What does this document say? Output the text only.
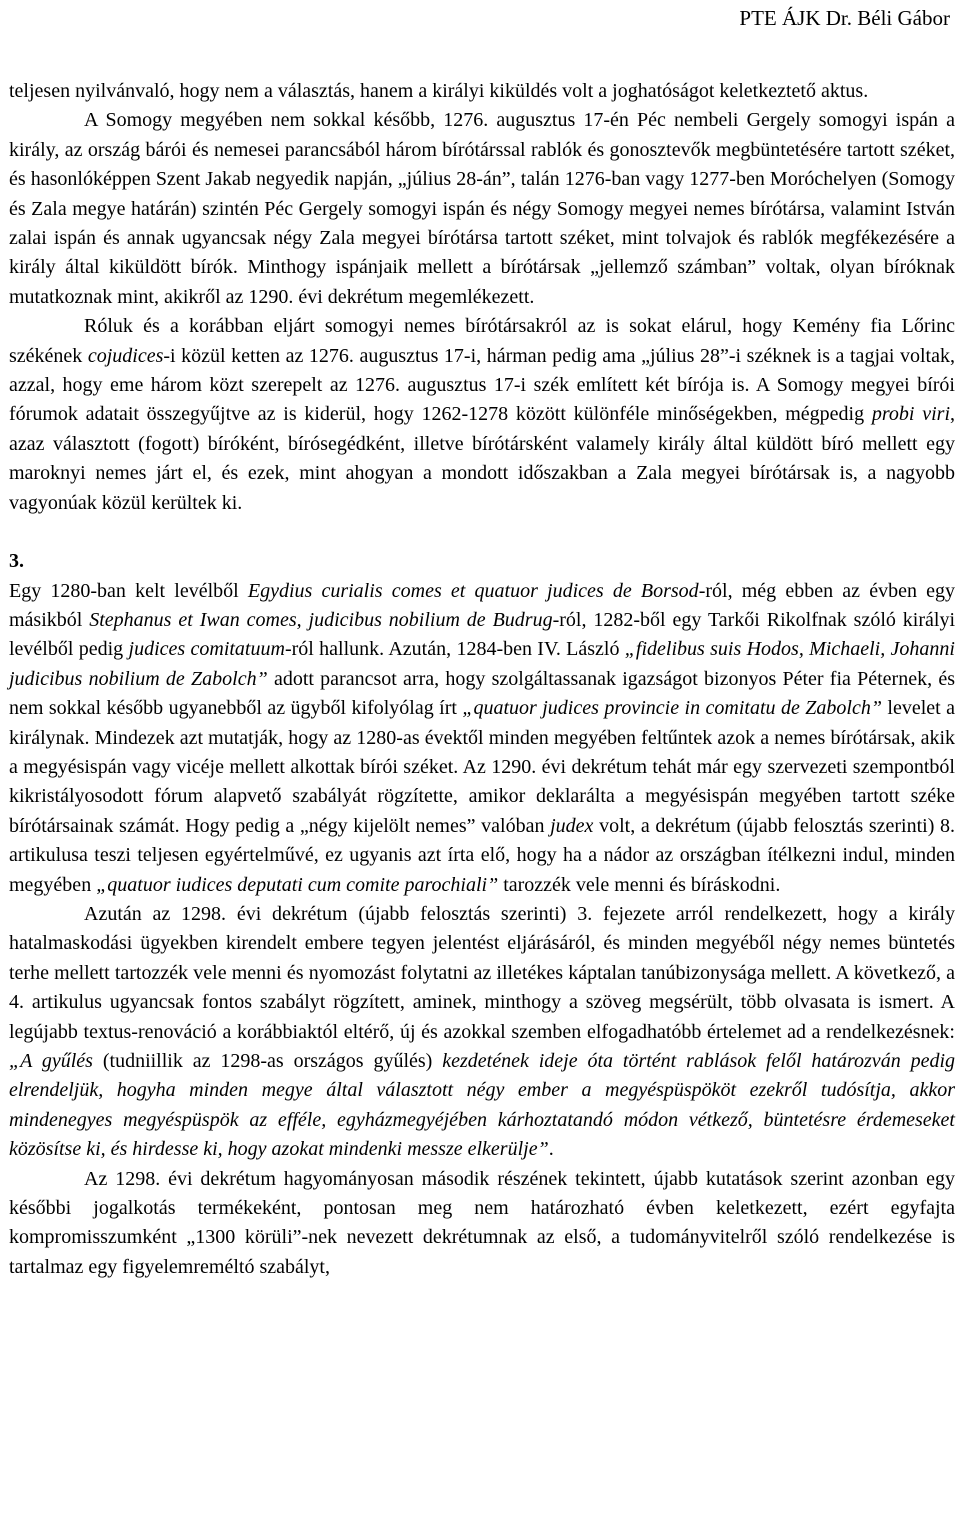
PTE ÁJK Dr. Béli Gábor

teljesen nyilvánvaló, hogy nem a választás, hanem a királyi kiküldés volt a joghatóságot keletkeztető aktus.

A Somogy megyében nem sokkal később, 1276. augusztus 17-én Péc nembeli Gergely somogyi ispán a király, az ország bárói és nemesei parancsából három bírótárssal rablók és gonosztevők megbüntetésére tartott széket, és hasonlóképpen Szent Jakab negyedik napján, „július 28-án”, talán 1276-ban vagy 1277-ben Moróchelyen (Somogy és Zala megye határán) szintén Péc Gergely somogyi ispán és négy Somogy megyei nemes bírótársa, valamint István zalai ispán és annak ugyancsak négy Zala megyei bírótársa tartott széket, mint tolvajok és rablók megfékezésére a király által kiküldött bírók. Minthogy ispánjaik mellett a bírótársak „jellemző számban” voltak, olyan bíróknak mutatkoznak mint, akikről az 1290. évi dekrétum megemlékezett.

Róluk és a korábban eljárt somogyi nemes bírótársakról az is sokat elárul, hogy Kemény fia Lőrinc székének cojudices-i közül ketten az 1276. augusztus 17-i, hárman pedig ama „július 28”-i széknek is a tagjai voltak, azzal, hogy eme három közt szerepelt az 1276. augusztus 17-i szék említett két bírója is. A Somogy megyei bírói fórumok adatait összegyűjtve az is kiderül, hogy 1262-1278 között különféle minőségekben, mégpedig probi viri, azaz választott (fogott) bíróként, bírósegédként, illetve bírótársként valamely király által küldött bíró mellett egy maroknyi nemes járt el, és ezek, mint ahogyan a mondott időszakban a Zala megyei bírótársak is, a nagyobb vagyonúak közül kerültek ki.

3.

Egy 1280-ban kelt levélből Egydius curialis comes et quatuor judices de Borsod-ról, még ebben az évben egy másikból Stephanus et Iwan comes, judicibus nobilium de Budrug-ról, 1282-ből egy Tarkői Rikolfnak szóló királyi levélből pedig judices comitatuum-ról hallunk. Azután, 1284-ben IV. László „fidelibus suis Hodos, Michaeli, Johanni judicibus nobilium de Zabolch” adott parancsot arra, hogy szolgáltassanak igazságot bizonyos Péter fia Péternek, és nem sokkal később ugyanebből az ügyből kifolyólag írt „quatuor judices provincie in comitatu de Zabolch” levelet a királynak. Mindezek azt mutatják, hogy az 1280-as évektől minden megyében feltűntek azok a nemes bírótársak, akik a megyésispán vagy vicéje mellett alkottak bírói széket. Az 1290. évi dekrétum tehát már egy szervezeti szempontból kikristályosodott fórum alapvető szabályát rögzítette, amikor deklarálta a megyésispán megyében tartott széke bírótársainak számát. Hogy pedig a „négy kijelölt nemes” valóban judex volt, a dekrétum (újabb felosztás szerinti) 8. artikulusa teszi teljesen egyértelművé, ez ugyanis azt írta elő, hogy ha a nádor az országban ítélkezni indul, minden megyében „quatuor iudices deputati cum comite parochiali” tarozzék vele menni és bíráskodni.

Azután az 1298. évi dekrétum (újabb felosztás szerinti) 3. fejezete arról rendelkezett, hogy a király hatalmaskodási ügyekben kirendelt embere tegyen jelentést eljárásáról, és minden megyéből négy nemes büntetés terhe mellett tartozzék vele menni és nyomozást folytatni az illetékes káptalan tanúbizonysága mellett. A következő, a 4. artikulus ugyancsak fontos szabályt rögzített, aminek, minthogy a szöveg megsérült, több olvasata is ismert. A legújabb textus-renováció a korábbiaktól eltérő, új és azokkal szemben elfogadhatóbb értelemet ad a rendelkezésnek: „A gyűlés (tudniillik az 1298-as országos gyűlés) kezdetének ideje óta történt rablások felől határozván pedig elrendeljük, hogyha minden megye által választott négy ember a megyéspüspököt ezekről tudósítja, akkor mindenegyes megyéspüspök az efféle, egyházmegyéjében kárhoztatandó módon vétkező, büntetésre érdemeseket közösítse ki, és hirdesse ki, hogy azokat mindenki messze elkerülje”.

Az 1298. évi dekrétum hagyományosan második részének tekintett, újabb kutatások szerint azonban egy későbbi jogalkotás termékeként, pontosan meg nem határozható évben keletkezett, ezért egyfajta kompromisszumként „1300 körüli”-nek nevezett dekrétumnak az első, a tudományvitelről szóló rendelkezése is tartalmaz egy figyelemreméltó szabályt,
